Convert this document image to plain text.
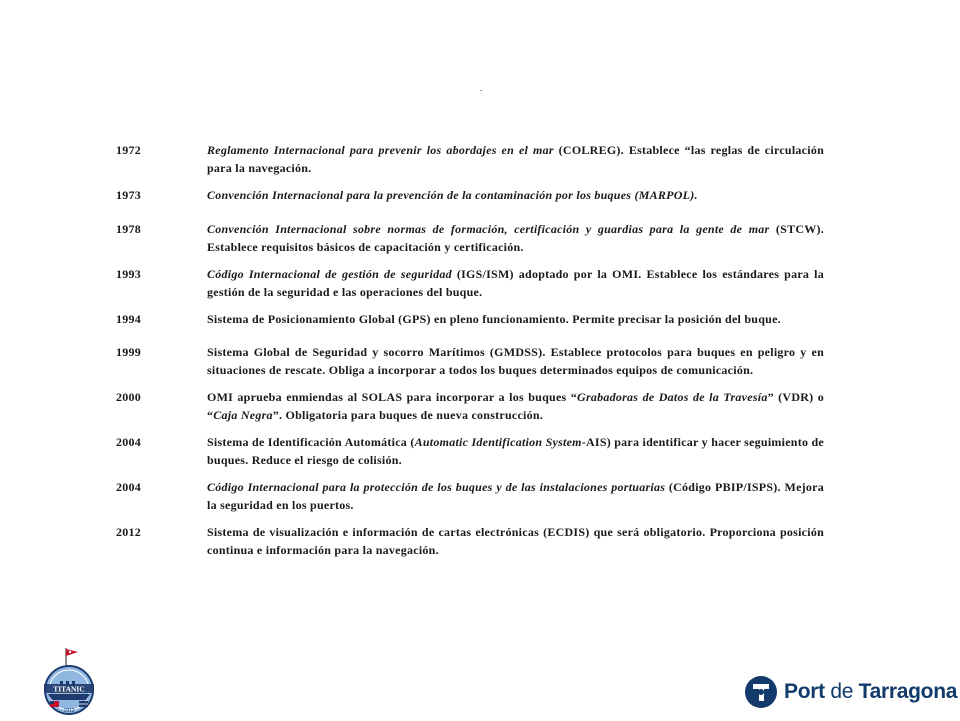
.
1972	Reglamento Internacional para prevenir los abordajes en el mar (COLREG). Establece “las reglas de circulación para la navegación.
1973	Convención Internacional para la prevención de la contaminación por los buques (MARPOL).
1978	Convención Internacional sobre normas de formación, certificación y guardias para la gente de mar (STCW). Establece requisitos básicos de capacitación y certificación.
1993	Código Internacional de gestión de seguridad (IGS/ISM) adoptado por la OMI. Establece los estándares para la gestión de la seguridad e las operaciones del buque.
1994	Sistema de Posicionamiento Global (GPS) en pleno funcionamiento. Permite precisar la posición del buque.
1999	Sistema Global de Seguridad y socorro Marítimos (GMDSS). Establece protocolos para buques en peligro y en situaciones de rescate. Obliga a incorporar a todos los buques determinados equipos de comunicación.
2000	OMI aprueba enmiendas al SOLAS para incorporar a los buques “Grabadoras de Datos de la Travesía” (VDR) o “Caja Negra”. Obligatoria para buques de nueva construcción.
2004	Sistema de Identificación Automática (Automatic Identification System-AIS) para identificar y hacer seguimiento de buques. Reduce el riesgo de colisión.
2004	Código Internacional para la protección de los buques y de las instalaciones portuarias (Código PBIP/ISPS). Mejora la seguridad en los puertos.
2012	Sistema de visualización e información de cartas electrónicas (ECDIS) que será obligatorio. Proporciona posición continua e información para la navegación.
TITANIC
1912
Port de Tarragona
